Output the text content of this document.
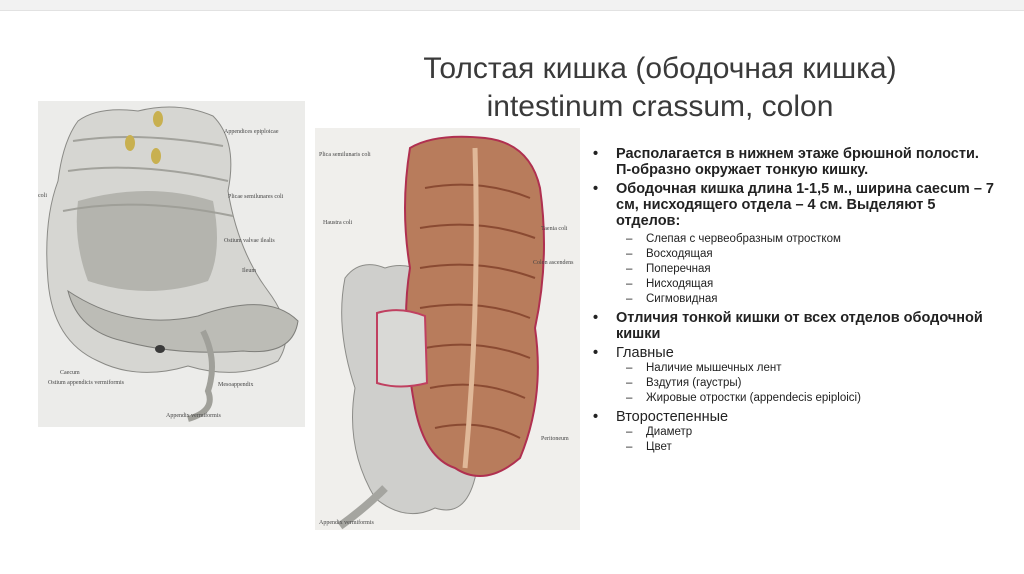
Толстая кишка (ободочная кишка)
intestinum crassum, colon
Appendices epiploicae
coli	Plicae semilunares coli
Ostium valvae ilealis
Ileum
Caecum
Ostium appendicis vermiformis	Mesoappendix
Appendix vermiformis
Plica semilunaris coli
Taenia coli
Haustra coli
Colon ascendens
Appendix vermiformis
Peritoneum
• Располагается в нижнем этаже брюшной полости. П-образно окружает тонкую кишку.
• Ободочная кишка длина 1-1,5 м., ширина саecum – 7 см, нисходящего отдела – 4 см. Выделяют 5 отделов:
– Слепая с червеобразным отростком
– Восходящая
– Поперечная
– Нисходящая
– Сигмовидная
• Отличия тонкой кишки от всех отделов ободочной кишки
• Главные
– Наличие мышечных лент
– Вздутия (гаустры)
– Жировые отростки (appendecis epiploici)
• Второстепенные
– Диаметр
– Цвет
